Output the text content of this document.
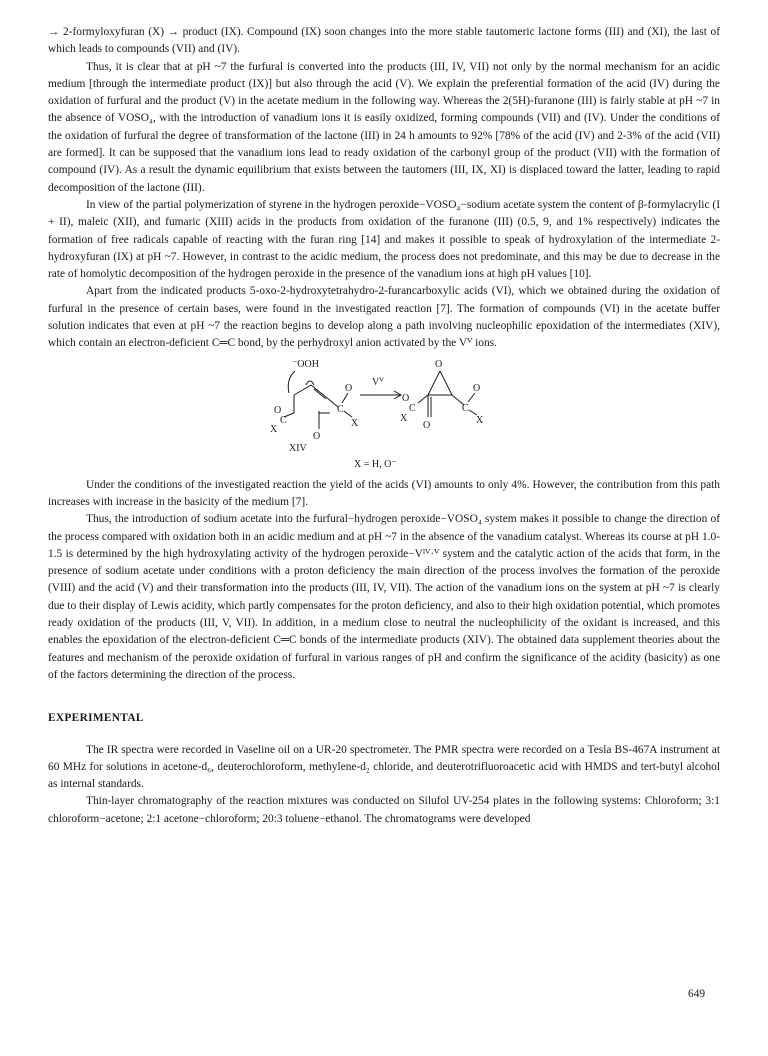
→ 2-formyloxyfuran (X) → product (IX). Compound (IX) soon changes into the more stable tautomeric lactone forms (III) and (XI), the last of which leads to compounds (VII) and (IV).

Thus, it is clear that at pH ~7 the furfural is converted into the products (III, IV, VII) not only by the normal mechanism for an acidic medium [through the intermediate product (IX)] but also through the acid (V). We explain the preferential formation of the acid (IV) during the oxidation of furfural and the product (V) in the acetate medium in the following way. Whereas the 2(5H)-furanone (III) is fairly stable at pH ~7 in the absence of VOSO₄, with the introduction of vanadium ions it is easily oxidized, forming compounds (VII) and (IV). Under the conditions of the oxidation of furfural the degree of transformation of the lactone (III) in 24 h amounts to 92% [78% of the acid (IV) and 2-3% of the acid (VII) are formed]. It can be supposed that the vanadium ions lead to ready oxidation of the carbonyl group of the product (VII) with the formation of compound (IV). As a result the dynamic equilibrium that exists between the tautomers (III, IX, XI) is displaced toward the latter, leading to rapid decomposition of the lactone (III).

In view of the partial polymerization of styrene in the hydrogen peroxide−VOSO₄−sodium acetate system the content of β-formylacrylic (I + II), maleic (XII), and fumaric (XIII) acids in the products from oxidation of the furanone (III) (0.5, 9, and 1% respectively) indicates the formation of free radicals capable of reacting with the furan ring [14] and makes it possible to speak of hydroxylation of the intermediate 2-hydroxyfuran (IX) at pH ~7. However, in contrast to the acidic medium, the process does not predominate, and this may be due to decrease in the rate of homolytic decomposition of the hydrogen peroxide in the presence of the vanadium ions at high pH values [10].

Apart from the indicated products 5-oxo-2-hydroxytetrahydro-2-furancarboxylic acids (VI), which we obtained during the oxidation of furfural in the presence of certain bases, were found in the investigated reaction [7]. The formation of compounds (VI) in the acetate buffer solution indicates that even at pH ~7 the reaction begins to develop along a path involving nucleophilic epoxidation of the intermediates (XIV), which contain an electron-deficient C═C bond, by the perhydroxyl anion activated by the Vⱽ ions.

⁻OOH
C
O
X
O
C
X
O
XIV
Vⱽ
O
C
X
O
O
C
O
X
X = H, O⁻

Under the conditions of the investigated reaction the yield of the acids (VI) amounts to only 4%. However, the contribution from this path increases with increase in the basicity of the medium [7].

Thus, the introduction of sodium acetate into the furfural−hydrogen peroxide−VOSO₄ system makes it possible to change the direction of the process compared with oxidation both in an acidic medium and at pH ~7 in the absence of the vanadium catalyst. Whereas its course at pH 1.0-1.5 is determined by the high hydroxylating activity of the hydrogen peroxide−Vᴵⱽ·ⱽ system and the catalytic action of the acids that form, in the presence of sodium acetate under conditions with a proton deficiency the main direction of the process involves the formation of the peroxide (VIII) and the acid (V) and their transformation into the products (III, IV, VII). The action of the vanadium ions on the system at pH ~7 is clearly due to their display of Lewis acidity, which partly compensates for the proton deficiency, and also to their high oxidation potential, which promotes ready oxidation of the products (III, V, VII). In addition, in a medium close to neutral the nucleophilicity of the oxidant is increased, and this enables the epoxidation of the electron-deficient C═C bonds of the intermediate products (XIV). The obtained data supplement theories about the features and mechanism of the peroxide oxidation of furfural in various ranges of pH and confirm the significance of the acidity (basicity) as one of the factors determining the direction of the process.

EXPERIMENTAL

The IR spectra were recorded in Vaseline oil on a UR-20 spectrometer. The PMR spectra were recorded on a Tesla BS-467A instrument at 60 MHz for solutions in acetone-d₆, deuterochloroform, methylene-d₂ chloride, and deuterotrifluoroacetic acid with HMDS and tert-butyl alcohol as internal standards.

Thin-layer chromatography of the reaction mixtures was conducted on Silufol UV-254 plates in the following systems: Chloroform; 3:1 chloroform−acetone; 2:1 acetone−chloroform; 20:3 toluene−ethanol. The chromatograms were developed

649
